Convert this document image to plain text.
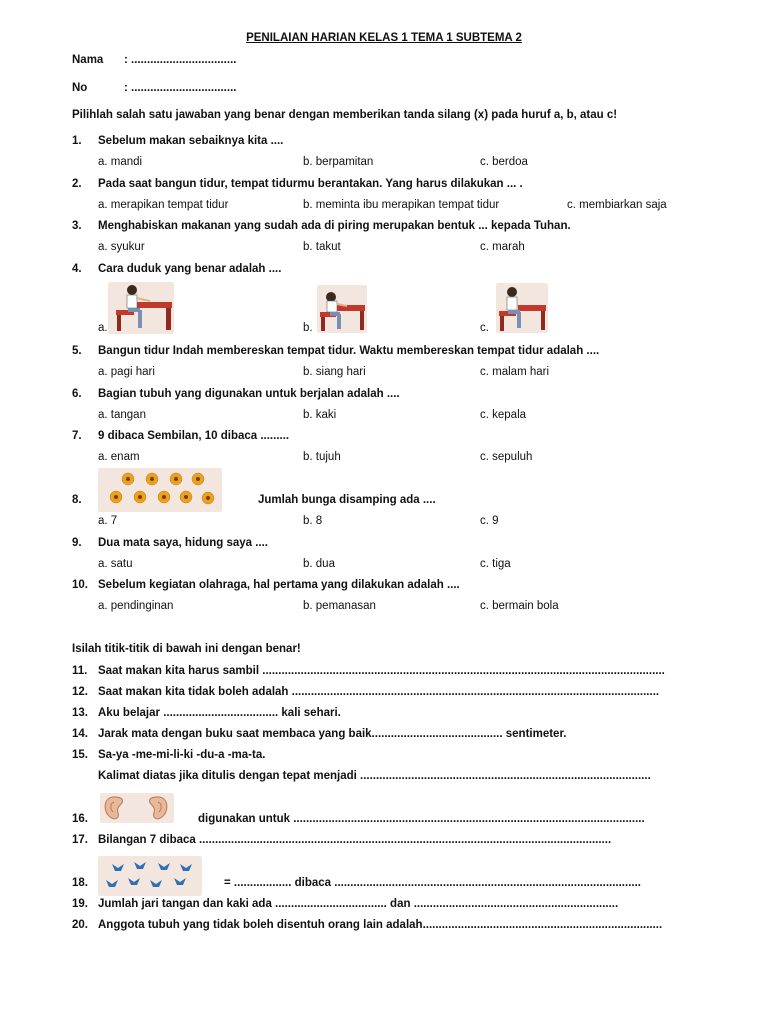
PENILAIAN HARIAN KELAS 1 TEMA 1 SUBTEMA 2
Nama : .................................
No	: .................................
Pilihlah salah satu jawaban yang benar dengan memberikan tanda silang (x) pada huruf a, b, atau c!
1. Sebelum makan sebaiknya kita ....
a. mandi	b. berpamitan	c. berdoa
2. Pada saat bangun tidur, tempat tidurmu berantakan. Yang harus dilakukan ... .
a. merapikan tempat tidur	b. meminta ibu merapikan tempat tidur	c. membiarkan saja
3. Menghabiskan makanan yang sudah ada di piring merupakan bentuk ... kepada Tuhan.
a. syukur	b. takut	c. marah
4. Cara duduk yang benar adalah ....
a.	b.	c.
5. Bangun tidur Indah membereskan tempat tidur. Waktu membereskan tempat tidur adalah ....
a. pagi hari	b. siang hari	c. malam hari
6. Bagian tubuh yang digunakan untuk berjalan adalah ....
a. tangan	b. kaki	c. kepala
7. 9 dibaca Sembilan, 10 dibaca .........
a. enam	b. tujuh	c. sepuluh
8.	Jumlah bunga disamping ada ....
a. 7	b. 8	c. 9
9. Dua mata saya, hidung saya ....
a. satu	b. dua	c. tiga
10. Sebelum kegiatan olahraga, hal pertama yang dilakukan adalah ....
a. pendinginan	b. pemanasan	c. bermain bola
Isilah titik-titik di bawah ini dengan benar!
11. Saat makan kita harus sambil ..............................................................................................................................
12. Saat makan kita tidak boleh adalah ...................................................................................................................
13. Aku belajar .................................... kali sehari.
14. Jarak mata dengan buku saat membaca yang baik......................................... sentimeter.
15. Sa-ya -me-mi-li-ki -du-a -ma-ta.
Kalimat diatas jika ditulis dengan tepat menjadi ...........................................................................................
16.	digunakan untuk ..............................................................................................................
17. Bilangan 7 dibaca .................................................................................................................................
18.	= .................. dibaca ................................................................................................
19. Jumlah jari tangan dan kaki ada ................................... dan ................................................................
20. Anggota tubuh yang tidak boleh disentuh orang lain adalah...........................................................................
